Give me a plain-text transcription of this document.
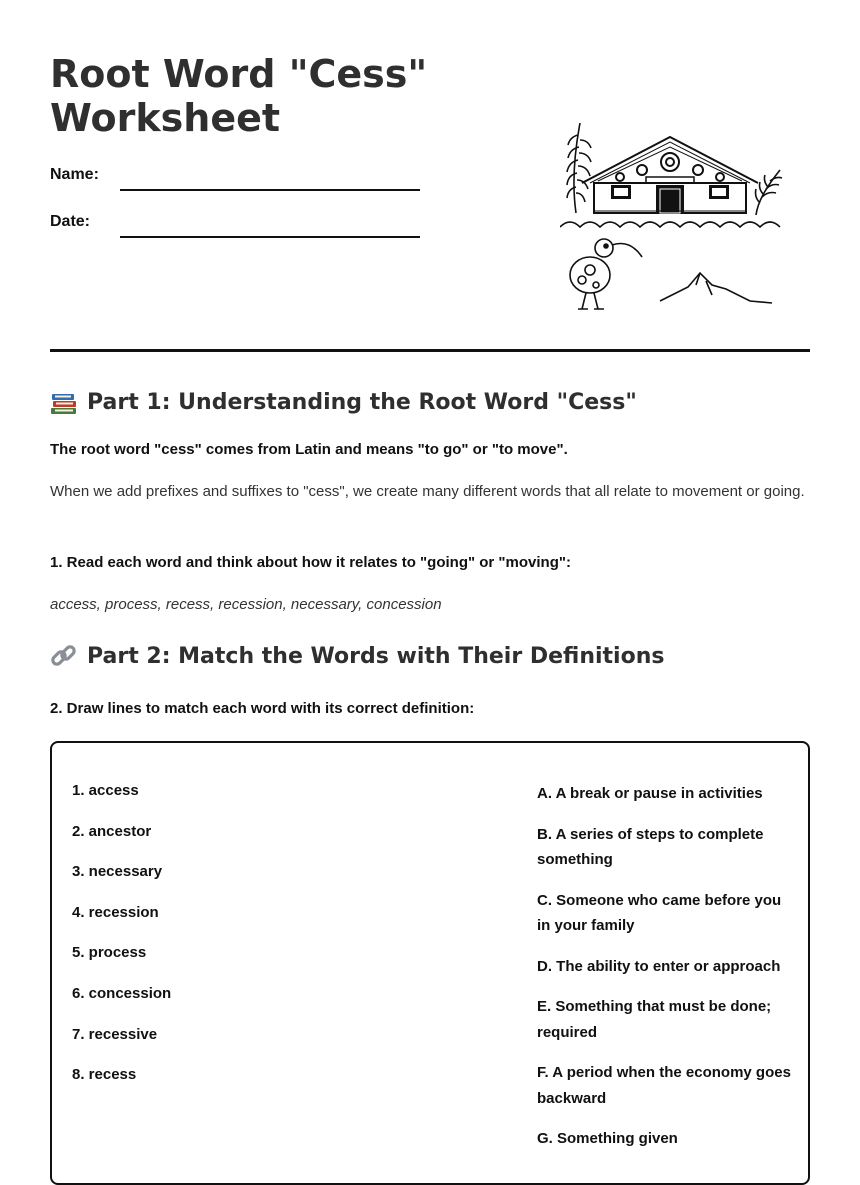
Root Word "Cess" Worksheet
Name:
Date:
Part 1: Understanding the Root Word "Cess"

The root word "cess" comes from Latin and means "to go" or "to move".

When we add prefixes and suffixes to "cess", we create many different words that all relate to movement or going.

1. Read each word and think about how it relates to "going" or "moving":

access, process, recess, recession, necessary, concession

Part 2: Match the Words with Their Definitions

2. Draw lines to match each word with its correct definition:

1. access
2. ancestor
3. necessary
4. recession
5. process
6. concession
7. recessive
8. recess
A. A break or pause in activities
B. A series of steps to complete something
C. Someone who came before you in your family
D. The ability to enter or approach
E. Something that must be done; required
F. A period when the economy goes backward
G. Something given
